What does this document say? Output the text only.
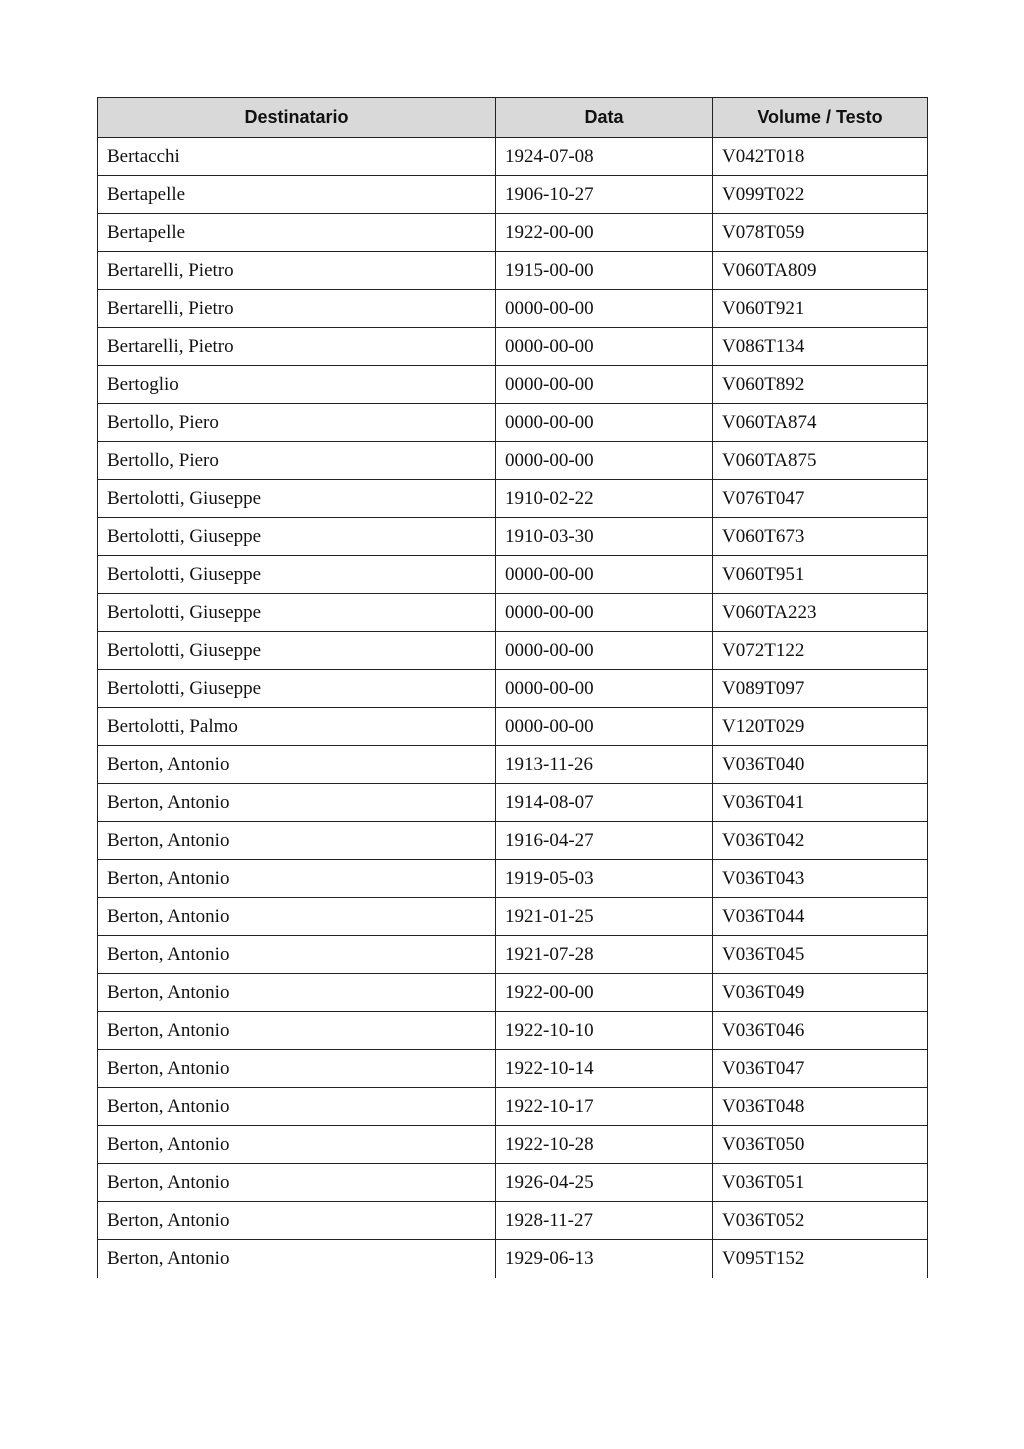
Destinatario	Data	Volume / Testo
Bertacchi	1924-07-08	V042T018
Bertapelle	1906-10-27	V099T022
Bertapelle	1922-00-00	V078T059
Bertarelli, Pietro	1915-00-00	V060TA809
Bertarelli, Pietro	0000-00-00	V060T921
Bertarelli, Pietro	0000-00-00	V086T134
Bertoglio	0000-00-00	V060T892
Bertollo, Piero	0000-00-00	V060TA874
Bertollo, Piero	0000-00-00	V060TA875
Bertolotti, Giuseppe	1910-02-22	V076T047
Bertolotti, Giuseppe	1910-03-30	V060T673
Bertolotti, Giuseppe	0000-00-00	V060T951
Bertolotti, Giuseppe	0000-00-00	V060TA223
Bertolotti, Giuseppe	0000-00-00	V072T122
Bertolotti, Giuseppe	0000-00-00	V089T097
Bertolotti, Palmo	0000-00-00	V120T029
Berton, Antonio	1913-11-26	V036T040
Berton, Antonio	1914-08-07	V036T041
Berton, Antonio	1916-04-27	V036T042
Berton, Antonio	1919-05-03	V036T043
Berton, Antonio	1921-01-25	V036T044
Berton, Antonio	1921-07-28	V036T045
Berton, Antonio	1922-00-00	V036T049
Berton, Antonio	1922-10-10	V036T046
Berton, Antonio	1922-10-14	V036T047
Berton, Antonio	1922-10-17	V036T048
Berton, Antonio	1922-10-28	V036T050
Berton, Antonio	1926-04-25	V036T051
Berton, Antonio	1928-11-27	V036T052
Berton, Antonio	1929-06-13	V095T152
